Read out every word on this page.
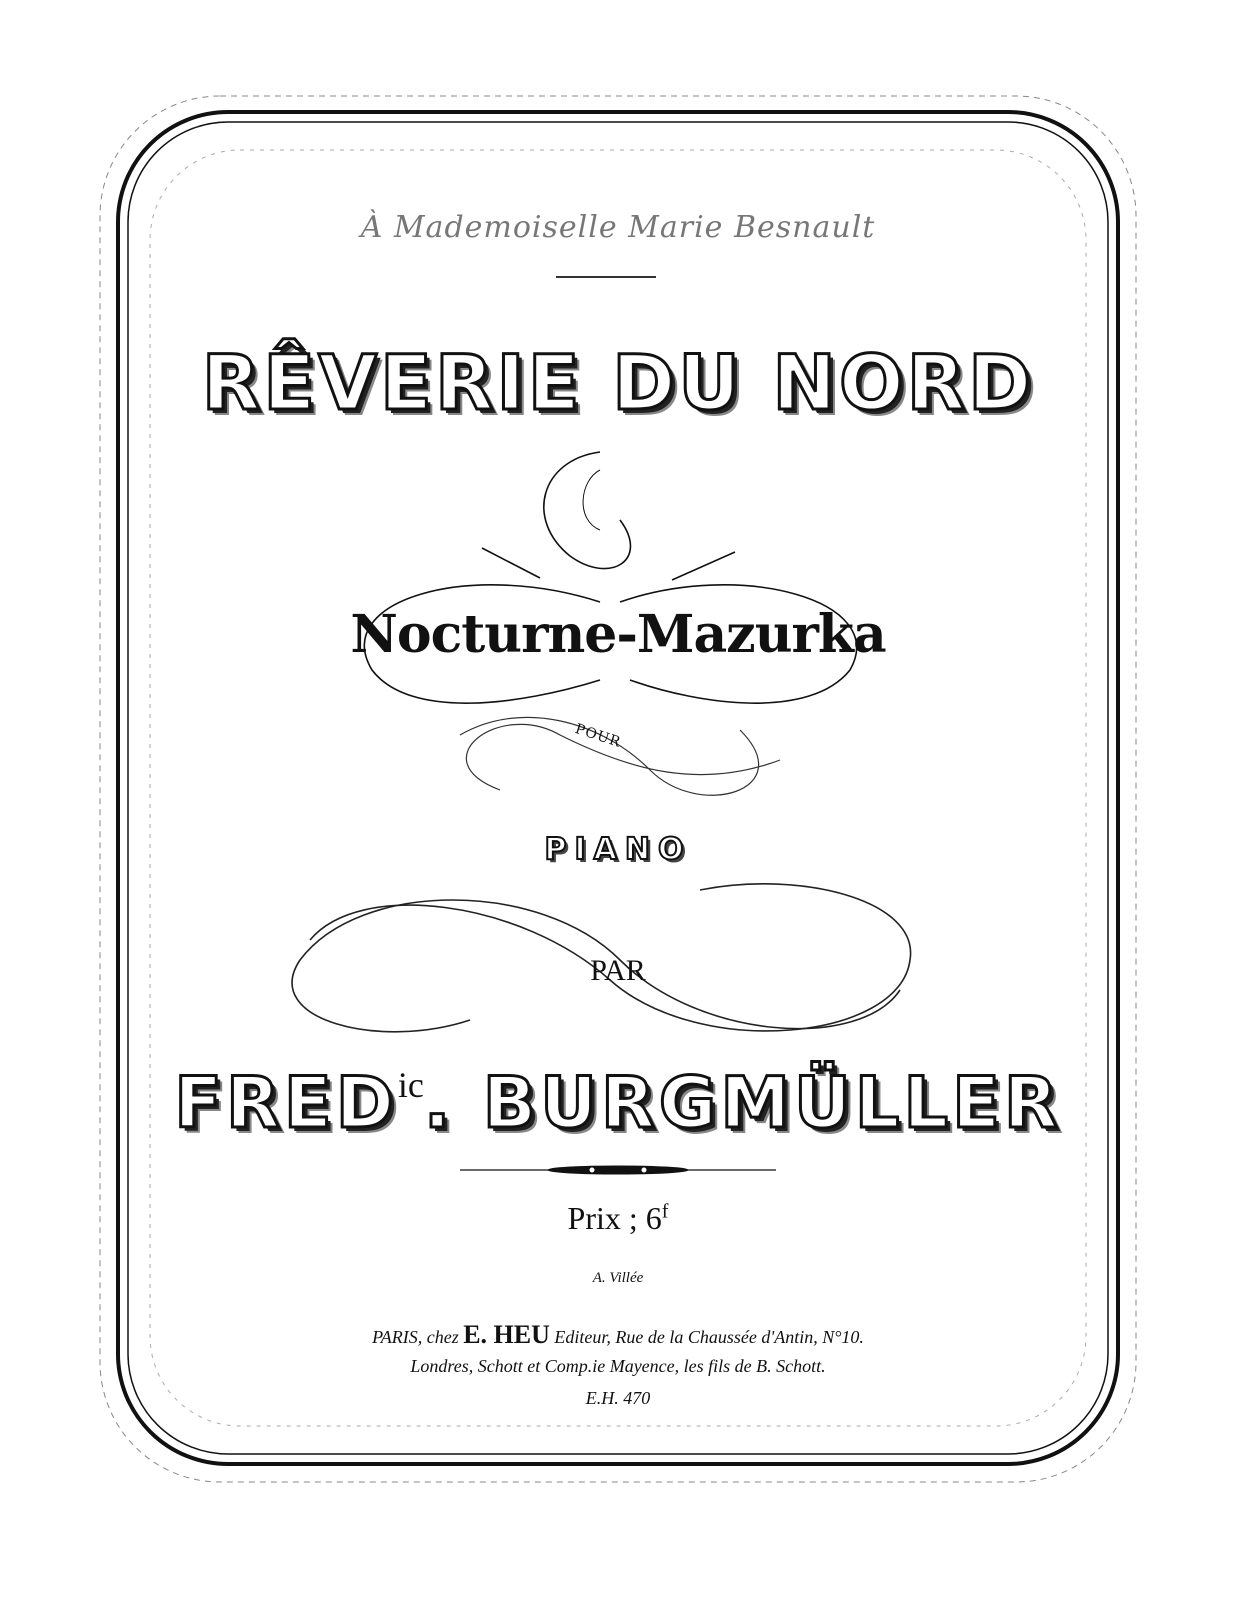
À Mademoiselle Marie Besnault
RÊVERIE DU NORD
Nocturne-Mazurka
POUR
PIANO
PAR
$FRED^{ic}$. BURGMÜLLER
Prix ; 6$^f$
A. Villée
PARIS, chez E. HEU Editeur, Rue de la Chaussée d'Antin, N°10.
Londres, Schott et Comp.ie Mayence, les fils de B. Schott.
E.H. 470
